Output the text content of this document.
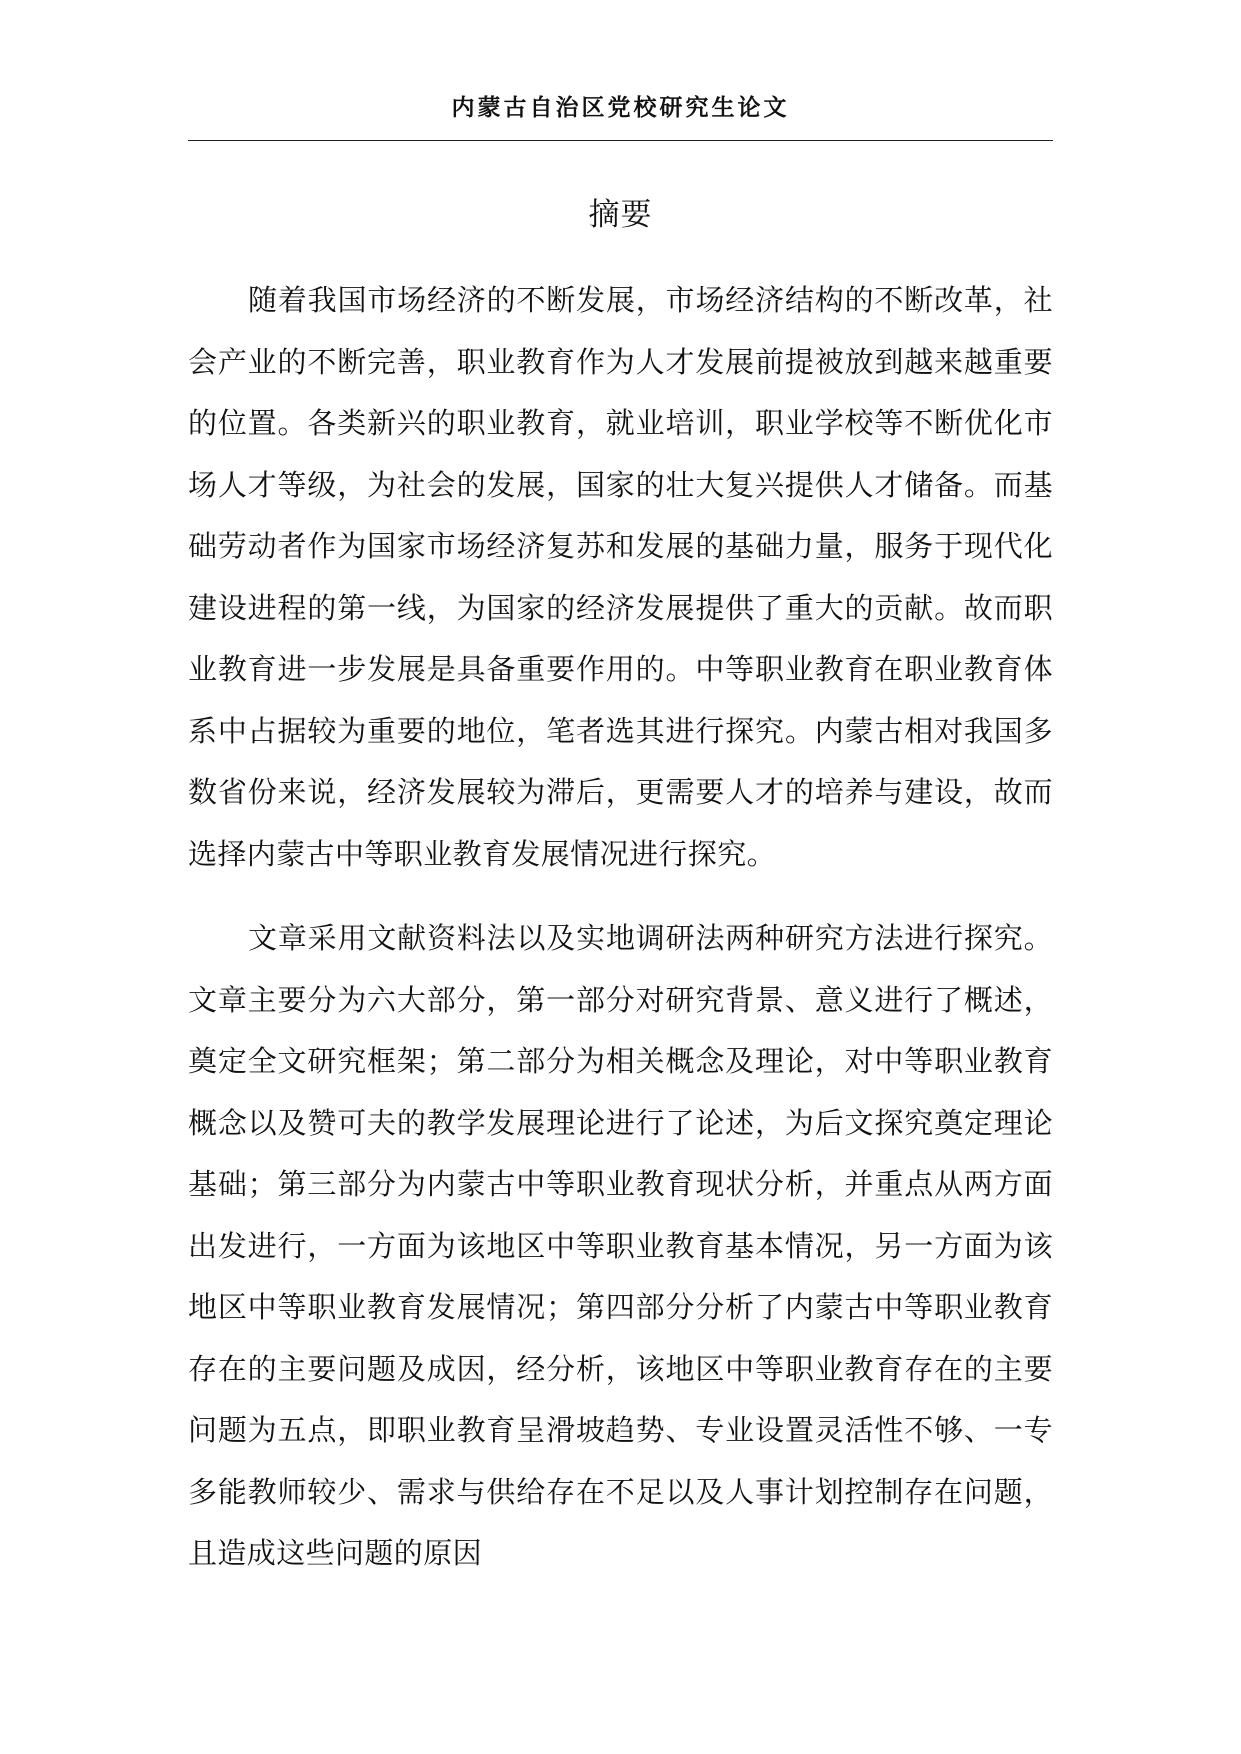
内蒙古自治区党校研究生论文
摘要

随着我国市场经济的不断发展，市场经济结构的不断改革，社会产业的不断完善，职业教育作为人才发展前提被放到越来越重要的位置。各类新兴的职业教育，就业培训，职业学校等不断优化市场人才等级，为社会的发展，国家的壮大复兴提供人才储备。而基础劳动者作为国家市场经济复苏和发展的基础力量，服务于现代化建设进程的第一线，为国家的经济发展提供了重大的贡献。故而职业教育进一步发展是具备重要作用的。中等职业教育在职业教育体系中占据较为重要的地位，笔者选其进行探究。内蒙古相对我国多数省份来说，经济发展较为滞后，更需要人才的培养与建设，故而选择内蒙古中等职业教育发展情况进行探究。

文章采用文献资料法以及实地调研法两种研究方法进行探究。文章主要分为六大部分，第一部分对研究背景、意义进行了概述，奠定全文研究框架；第二部分为相关概念及理论，对中等职业教育概念以及赞可夫的教学发展理论进行了论述，为后文探究奠定理论基础；第三部分为内蒙古中等职业教育现状分析，并重点从两方面出发进行，一方面为该地区中等职业教育基本情况，另一方面为该地区中等职业教育发展情况；第四部分分析了内蒙古中等职业教育存在的主要问题及成因，经分析，该地区中等职业教育存在的主要问题为五点，即职业教育呈滑坡趋势、专业设置灵活性不够、一专多能教师较少、需求与供给存在不足以及人事计划控制存在问题，且造成这些问题的原因
